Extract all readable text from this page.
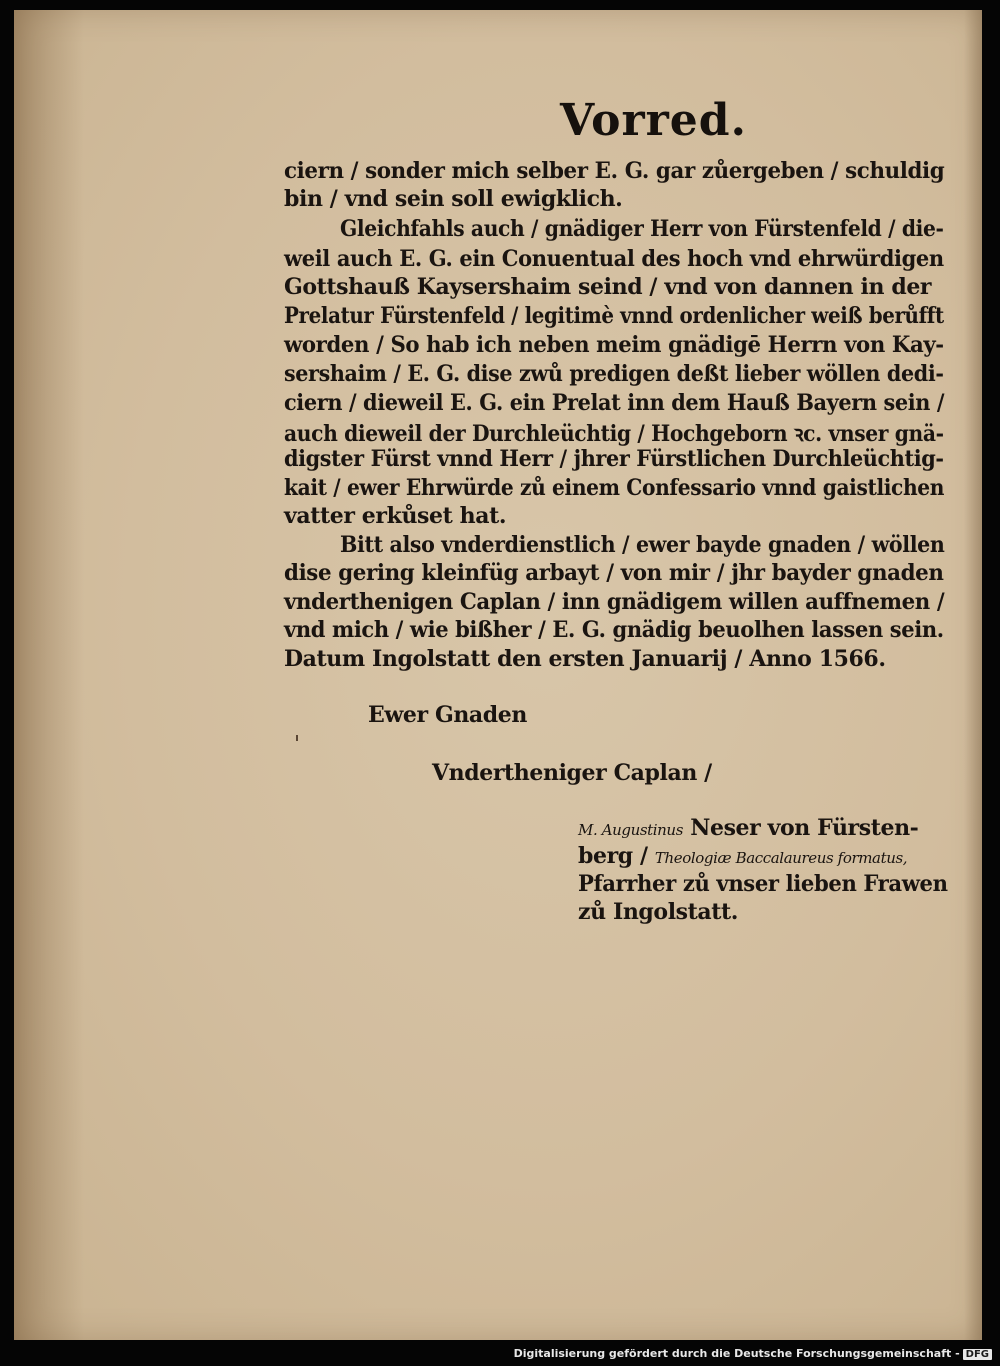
Vorred.
ciern / sonder mich selber E. G. gar zůergeben / schuldig
bin / vnd sein soll ewigklich.
Gleichfahls auch / gnädiger Herr von Fürstenfeld / die-
weil auch E. G. ein Conuentual des hoch vnd ehrwürdigen
Gottshauß Kaysershaim seind / vnd von dannen in der
Prelatur Fürstenfeld / legitimè vnnd ordenlicher weiß berůfft
worden / So hab ich neben meim gnädigē Herrn von Kay-
sershaim / E. G. dise zwů predigen deßt lieber wöllen dedi-
ciern / dieweil E. G. ein Prelat inn dem Hauß Bayern sein /
auch dieweil der Durchleüchtig / Hochgeborn ꝛc. vnser gnä-
digster Fürst vnnd Herr / jhrer Fürstlichen Durchleüchtig-
kait / ewer Ehrwürde zů einem Confessario vnnd gaistlichen
vatter erkůset hat.
Bitt also vnderdienstlich / ewer bayde gnaden / wöllen
dise gering kleinfüg arbayt / von mir / jhr bayder gnaden
vnderthenigen Caplan / inn gnädigem willen auffnemen /
vnd mich / wie bißher / E. G. gnädig beuolhen lassen sein.
Datum Ingolstatt den ersten Januarij / Anno 1566.
Ewer Gnaden
Vndertheniger Caplan /
M. Augustinus Neser von Fürsten-
berg / Theologiæ Baccalaureus formatus,
Pfarrher zů vnser lieben Frawen
zů Ingolstatt.
Digitalisierung gefördert durch die Deutsche Forschungsgemeinschaft - DFG
